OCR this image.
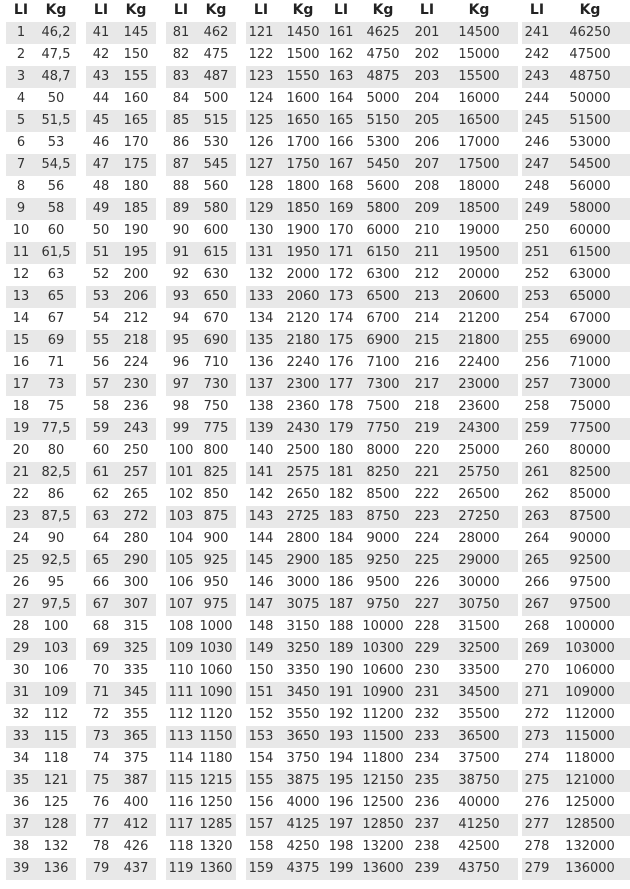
LI	Kg
1	46,2
2	47,5
3	48,7
4	50
5	51,5
6	53
7	54,5
8	56
9	58
10	60
11 61,5
12	63
13	65
14	67
15	69
16	71
17	73
18	75
19 77,5
20	80
21 82,5
22	86
23 87,5
24	90
25 92,5
26	95
27 97,5
28	100
29	103
30	106
31	109
32	112
33	115
34	118
35	121
36	125
37	128
38	132
39	136
LI	Kg
41	145
42	150
43	155
44	160
45	165
46	170
47	175
48	180
49	185
50	190
51	195
52	200
53	206
54	212
55	218
56	224
57	230
58	236
59	243
60	250
61	257
62	265
63	272
64	280
65	290
66	300
67	307
68	315
69	325
70	335
71	345
72	355
73	365
74	375
75	387
76	400
77	412
78	426
79	437
LI	Kg
81	462
82	475
83	487
84	500
85	515
86	530
87	545
88	560
89	580
90	600
91	615
92	630
93	650
94	670
95	690
96	710
97	730
98	750
99	775
100 800
101 825
102 850
103 875
104 900
105 925
106 950
107 975
108 1000
109 1030
110 1060
111 1090
112 1120
113 1150
114 1180
115 1215
116 1250
117 1285
118 1320
119 1360
LI	Kg
121	1450
122	1500
123	1550
124	1600
125	1650
126	1700
127	1750
128	1800
129	1850
130	1900
131	1950
132	2000
133	2060
134	2120
135	2180
136	2240
137	2300
138	2360
139	2430
140	2500
141	2575
142	2650
143	2725
144	2800
145	2900
146	3000
147	3075
148	3150
149	3250
150	3350
151	3450
152	3550
153	3650
154	3750
155	3875
156	4000
157	4125
158	4250
159	4375
LI	Kg
161	4625
162	4750
163	4875
164	5000
165	5150
166	5300
167	5450
168	5600
169	5800
170	6000
171	6150
172	6300
173	6500
174	6700
175	6900
176	7100
177	7300
178	7500
179	7750
180	8000
181	8250
182	8500
183	8750
184	9000
185	9250
186	9500
187	9750
188 10000
189 10300
190 10600
191 10900
192 11200
193 11500
194 11800
195 12150
196 12500
197 12850
198 13200
199 13600
LI	Kg
201	14500
202	15000
203	15500
204	16000
205	16500
206	17000
207	17500
208	18000
209	18500
210	19000
211	19500
212	20000
213	20600
214	21200
215	21800
216	22400
217	23000
218	23600
219	24300
220	25000
221	25750
222	26500
223	27250
224	28000
225	29000
226	30000
227	30750
228	31500
229	32500
230	33500
231	34500
232	35500
233	36500
234	37500
235	38750
236	40000
237	41250
238	42500
239	43750
LI	Kg
241	46250
242	47500
243	48750
244	50000
245	51500
246	53000
247	54500
248	56000
249	58000
250	60000
251	61500
252	63000
253	65000
254	67000
255	69000
256	71000
257	73000
258	75000
259	77500
260	80000
261	82500
262	85000
263	87500
264	90000
265	92500
266	97500
267	97500
268	100000
269	103000
270	106000
271	109000
272	112000
273	115000
274	118000
275	121000
276	125000
277	128500
278	132000
279	136000
